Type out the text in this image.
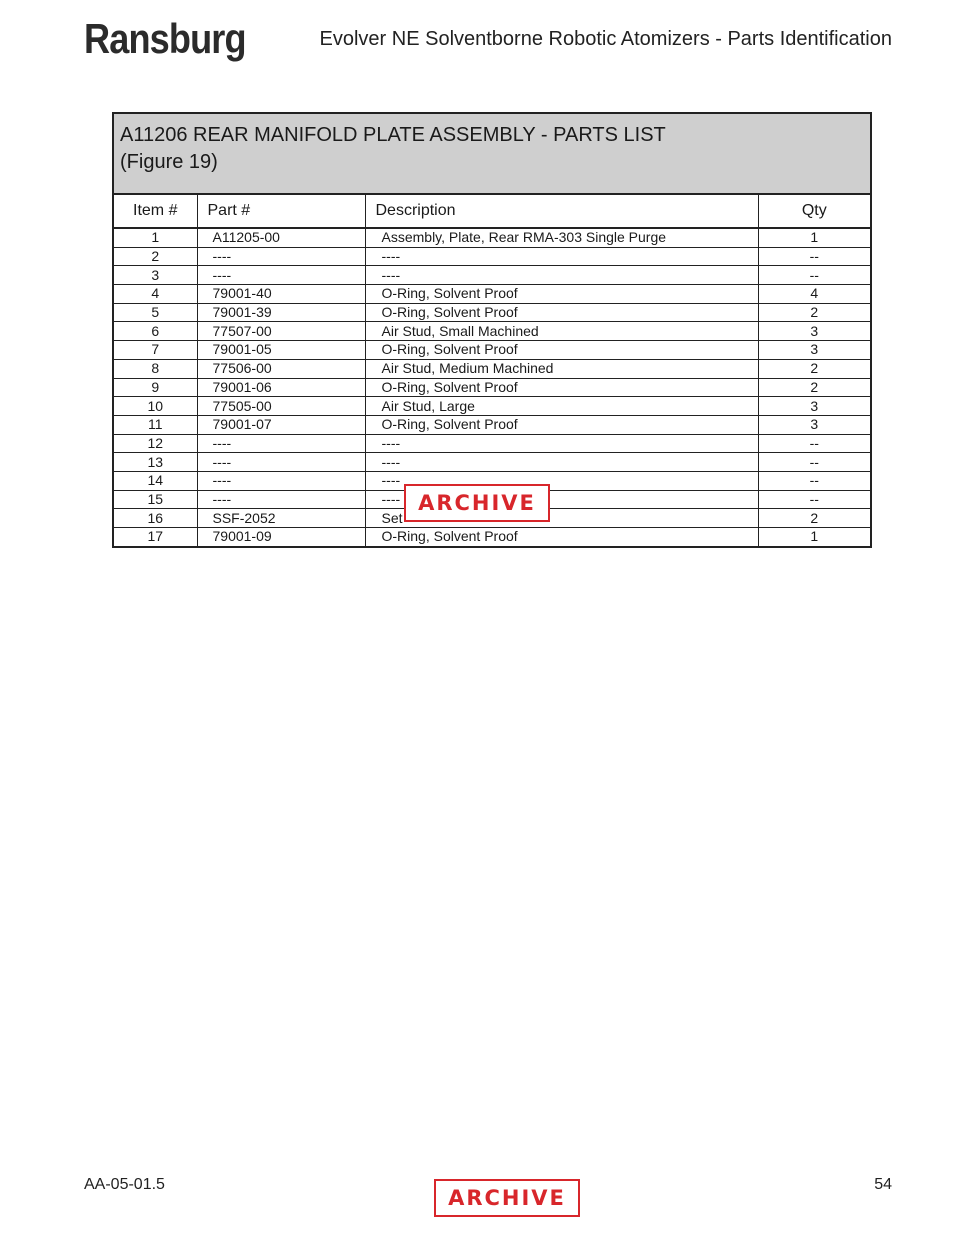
Ransburg	Evolver NE Solventborne Robotic Atomizers - Parts Identification
A11206 REAR MANIFOLD PLATE ASSEMBLY - PARTS LIST
(Figure 19)			

Item #	Part #	Description	Qty
1	A11205-00	Assembly, Plate, Rear RMA-303 Single Purge	1
2	----	----	--
3	----	----	--
4	79001-40	O-Ring, Solvent Proof	4
5	79001-39	O-Ring, Solvent Proof	2
6	77507-00	Air Stud, Small Machined	3
7	79001-05	O-Ring, Solvent Proof	3
8	77506-00	Air Stud, Medium Machined	2
9	79001-06	O-Ring, Solvent Proof	2
10	77505-00	Air Stud, Large	3
11	79001-07	O-Ring, Solvent Proof	3
12	----	----	--
13	----	----	--
14	----	----	--
15	----	----	--
16	SSF-2052	Set	2
17	79001-09	O-Ring, Solvent Proof	1
ARCHIVE
AA-05-01.5
ARCHIVE
54
